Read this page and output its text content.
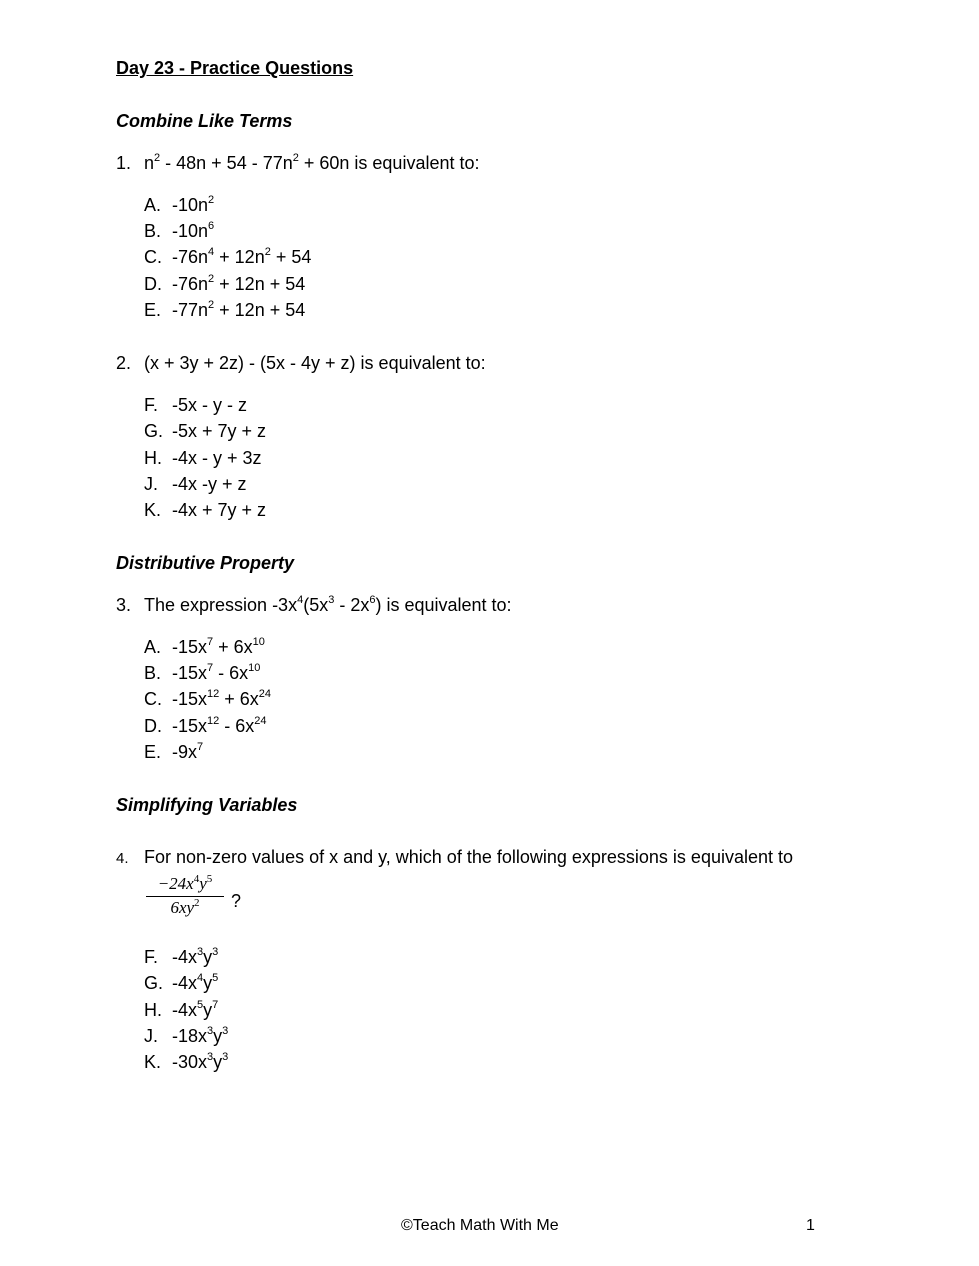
Day 23 - Practice Questions
Combine Like Terms
1. $n^2 - 48n + 54 - 77n^2 + 60n$ is equivalent to:
A. $-10n^2$
B. $-10n^6$
C. $-76n^4 + 12n^2 + 54$
D. $-76n^2 + 12n + 54$
E. $-77n^2 + 12n + 54$
2. (x + 3y + 2z) - (5x - 4y + z) is equivalent to:
F. -5x - y - z
G. -5x + 7y + z
H. -4x - y + 3z
J. -4x -y + z
K. -4x + 7y + z
Distributive Property
3. The expression $-3x^4(5x^3 - 2x^6)$ is equivalent to:
A. $-15x^7 + 6x^{10}$
B. $-15x^7 - 6x^{10}$
C. $-15x^{12} + 6x^{24}$
D. $-15x^{12} - 6x^{24}$
E. $-9x^7$
Simplifying Variables
4. For non-zero values of x and y, which of the following expressions is equivalent to
$\frac{-24x^4y^5}{6xy^2}$ ?
F. $-4x^3y^3$
G. $-4x^4y^5$
H. $-4x^5y^7$
J. $-18x^3y^3$
K. $-30x^3y^3$
©Teach Math With Me	1
